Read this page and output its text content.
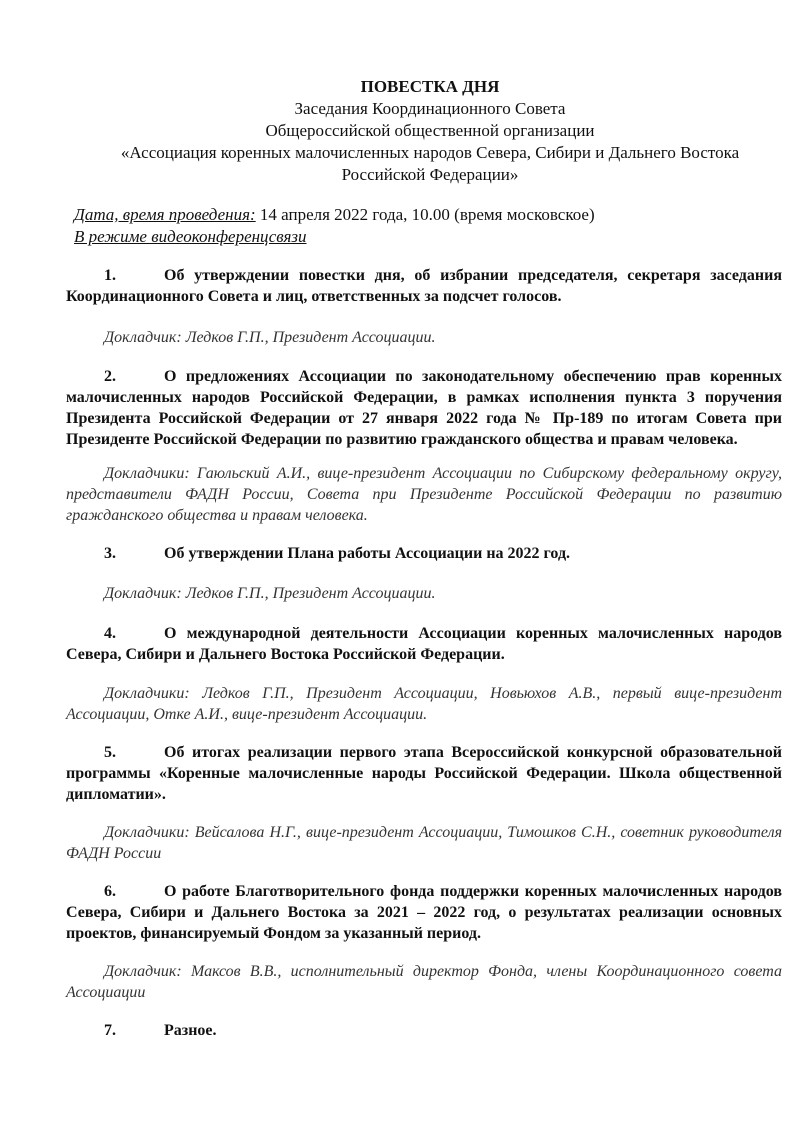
ПОВЕСТКА ДНЯ
Заседания Координационного Совета
Общероссийской общественной организации
«Ассоциация коренных малочисленных народов Севера, Сибири и Дальнего Востока
Российской Федерации»
Дата, время проведения: 14 апреля 2022 года, 10.00 (время московское)
В режиме видеоконференцсвязи
1.	Об утверждении повестки дня, об избрании председателя, секретаря заседания Координационного Совета и лиц, ответственных за подсчет голосов.
Докладчик: Ледков Г.П., Президент Ассоциации.
2.	О предложениях Ассоциации по законодательному обеспечению прав коренных малочисленных народов Российской Федерации, в рамках исполнения пункта 3 поручения Президента Российской Федерации от 27 января 2022 года № Пр-189 по итогам Совета при Президенте Российской Федерации по развитию гражданского общества и правам человека.
Докладчики: Гаюльский А.И., вице-президент Ассоциации по Сибирскому федеральному округу, представители ФАДН России, Совета при Президенте Российской Федерации по развитию гражданского общества и правам человека.
3.	Об утверждении Плана работы Ассоциации на 2022 год.
Докладчик: Ледков Г.П., Президент Ассоциации.
4.	О международной деятельности Ассоциации коренных малочисленных народов Севера, Сибири и Дальнего Востока Российской Федерации.
Докладчики: Ледков Г.П., Президент Ассоциации, Новьюхов А.В., первый вице-президент Ассоциации, Отке А.И., вице-президент Ассоциации.
5.	Об итогах реализации первого этапа Всероссийской конкурсной образовательной программы «Коренные малочисленные народы Российской Федерации. Школа общественной дипломатии».
Докладчики: Вейсалова Н.Г., вице-президент Ассоциации, Тимошков С.Н., советник руководителя ФАДН России
6.	О работе Благотворительного фонда поддержки коренных малочисленных народов Севера, Сибири и Дальнего Востока за 2021 – 2022 год, о результатах реализации основных проектов, финансируемый Фондом за указанный период.
Докладчик: Максов В.В., исполнительный директор Фонда, члены Координационного совета Ассоциации
7.	Разное.
